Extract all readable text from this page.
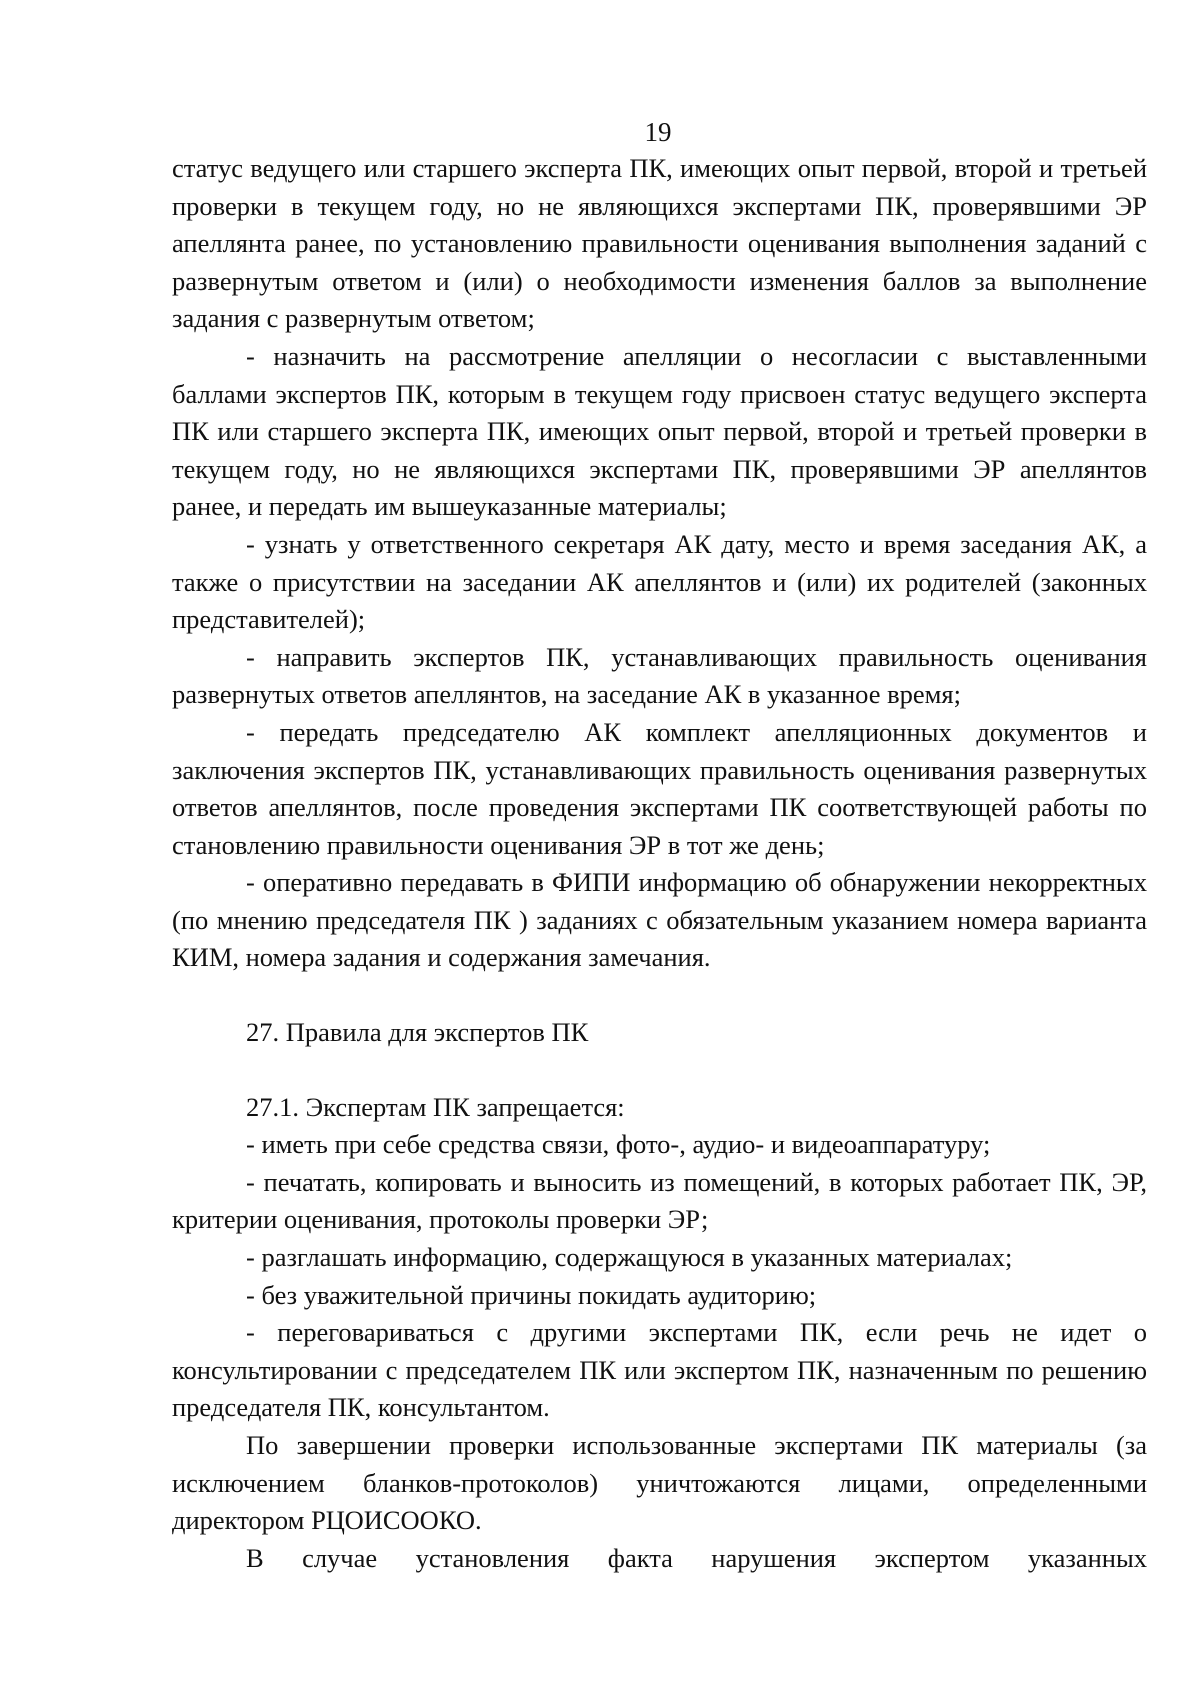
19

статус ведущего или старшего эксперта ПК, имеющих опыт первой, второй и третьей проверки в текущем году, но не являющихся экспертами ПК, проверявшими ЭР апеллянта ранее, по установлению правильности оценивания выполнения заданий с развернутым ответом и (или) о необходимости изменения баллов за выполнение задания с развернутым ответом;

- назначить на рассмотрение апелляции о несогласии с выставленными баллами экспертов ПК, которым в текущем году присвоен статус ведущего эксперта ПК или старшего эксперта ПК, имеющих опыт первой, второй и третьей проверки в текущем году, но не являющихся экспертами ПК, проверявшими ЭР апеллянтов ранее, и передать им вышеуказанные материалы;

- узнать у ответственного секретаря АК дату, место и время заседания АК, а также о присутствии на заседании АК апеллянтов и (или) их родителей (законных представителей);

- направить экспертов ПК, устанавливающих правильность оценивания развернутых ответов апеллянтов, на заседание АК в указанное время;

- передать председателю АК комплект апелляционных документов и заключения экспертов ПК, устанавливающих правильность оценивания развернутых ответов апеллянтов, после проведения экспертами ПК соответствующей работы по становлению правильности оценивания ЭР в тот же день;

- оперативно передавать в ФИПИ информацию об обнаружении некорректных (по мнению председателя ПК ) заданиях с обязательным указанием номера варианта КИМ, номера задания и содержания замечания.

27. Правила для экспертов ПК

27.1. Экспертам ПК запрещается:

- иметь при себе средства связи, фото-, аудио- и видеоаппаратуру;

- печатать, копировать и выносить из помещений, в которых работает ПК, ЭР, критерии оценивания, протоколы проверки ЭР;

- разглашать информацию, содержащуюся в указанных материалах;

- без уважительной причины покидать аудиторию;

- переговариваться с другими экспертами ПК, если речь не идет о консультировании с председателем ПК или экспертом ПК, назначенным по решению председателя ПК, консультантом.

По завершении проверки использованные экспертами ПК материалы (за исключением бланков-протоколов) уничтожаются лицами, определенными директором РЦОИСООКО.

В случае установления факта нарушения экспертом указанных
